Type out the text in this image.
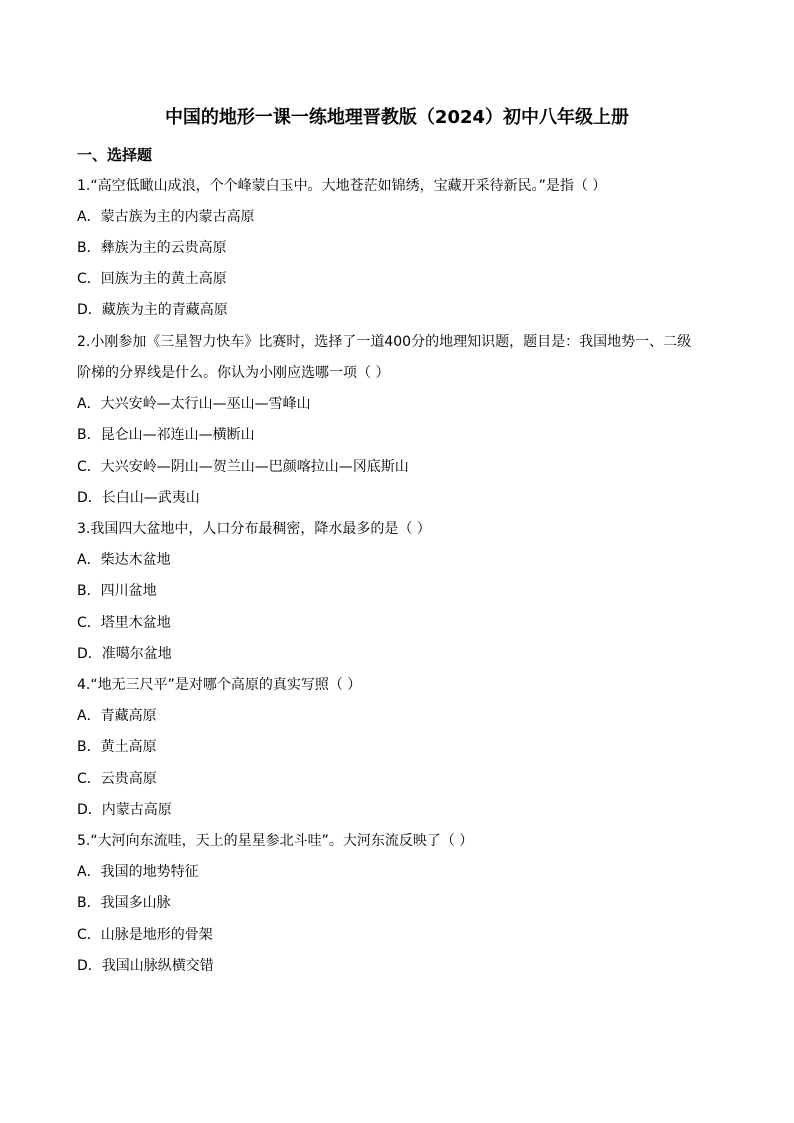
中国的地形一课一练地理晋教版（2024）初中八年级上册
一、选择题
1.“高空低瞰山成浪，个个峰蒙白玉中。大地苍茫如锦绣，宝藏开采待新民。”是指（ ）
A．蒙古族为主的内蒙古高原
B．彝族为主的云贵高原
C．回族为主的黄土高原
D．藏族为主的青藏高原
2.小刚参加《三星智力快车》比赛时，选择了一道400分的地理知识题，题目是：我国地势一、二级
阶梯的分界线是什么。你认为小刚应选哪一项（ ）
A．大兴安岭—太行山—巫山—雪峰山
B．昆仑山—祁连山—横断山
C．大兴安岭—阴山—贺兰山—巴颜喀拉山—冈底斯山
D．长白山—武夷山
3.我国四大盆地中，人口分布最稠密，降水最多的是（ ）
A．柴达木盆地
B．四川盆地
C．塔里木盆地
D．准噶尔盆地
4.“地无三尺平”是对哪个高原的真实写照（ ）
A．青藏高原
B．黄土高原
C．云贵高原
D．内蒙古高原
5.“大河向东流哇，天上的星星参北斗哇”。大河东流反映了（ ）
A．我国的地势特征
B．我国多山脉
C．山脉是地形的骨架
D．我国山脉纵横交错
